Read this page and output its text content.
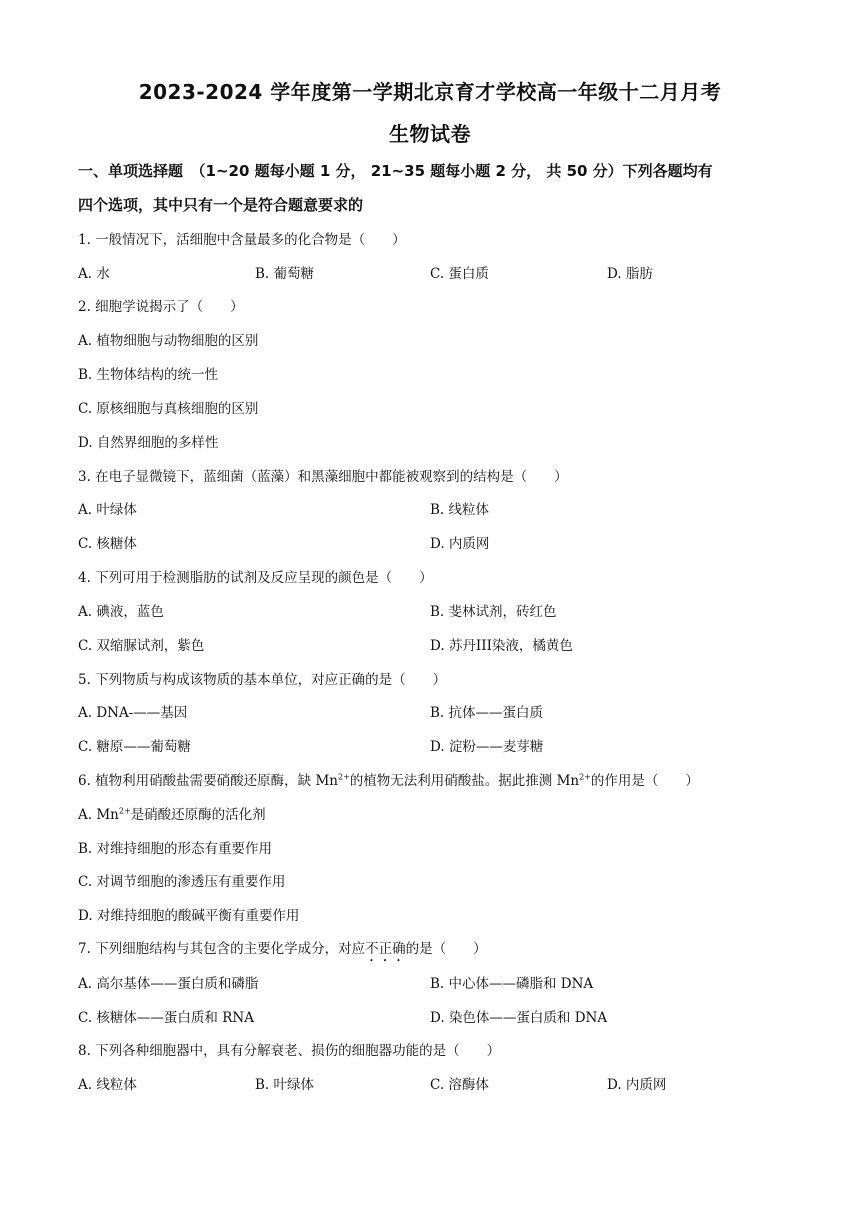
2023-2024 学年度第一学期北京育才学校高一年级十二月月考
生物试卷
一、单项选择题　（1~20 题每小题 1 分， 21~35 题每小题 2 分， 共 50 分）下列各题均有
四个选项，其中只有一个是符合题意要求的
1. 一般情况下，活细胞中含量最多的化合物是（　　）
A. 水	B. 葡萄糖	C. 蛋白质	D. 脂肪
2. 细胞学说揭示了（　　）
A. 植物细胞与动物细胞的区别
B. 生物体结构的统一性
C. 原核细胞与真核细胞的区别
D. 自然界细胞的多样性
3. 在电子显微镜下，蓝细菌（蓝藻）和黑藻细胞中都能被观察到的结构是（　　）
A. 叶绿体	B. 线粒体
C. 核糖体	D. 内质网
4. 下列可用于检测脂肪的试剂及反应呈现的颜色是（　　）
A. 碘液，蓝色	B. 斐林试剂，砖红色
C. 双缩脲试剂，紫色	D. 苏丹III染液，橘黄色
5. 下列物质与构成该物质的基本单位，对应正确的是（　　）
A. DNA-——基因	B. 抗体——蛋白质
C. 糖原——葡萄糖	D. 淀粉——麦芽糖
6. 植物利用硝酸盐需要硝酸还原酶，缺 $Mn^{2+}$的植物无法利用硝酸盐。据此推测 $Mn^{2+}$的作用是（　　）
A. $Mn^{2+}$是硝酸还原酶的活化剂
B. 对维持细胞的形态有重要作用
C. 对调节细胞的渗透压有重要作用
D. 对维持细胞的酸碱平衡有重要作用
7. 下列细胞结构与其包含的主要化学成分，对应不正确的是（　　）
A. 高尔基体——蛋白质和磷脂	B. 中心体——磷脂和 DNA
C. 核糖体——蛋白质和 RNA	D. 染色体——蛋白质和 DNA
8. 下列各种细胞器中，具有分解衰老、损伤的细胞器功能的是（　　）
A. 线粒体	B. 叶绿体	C. 溶酶体	D. 内质网
